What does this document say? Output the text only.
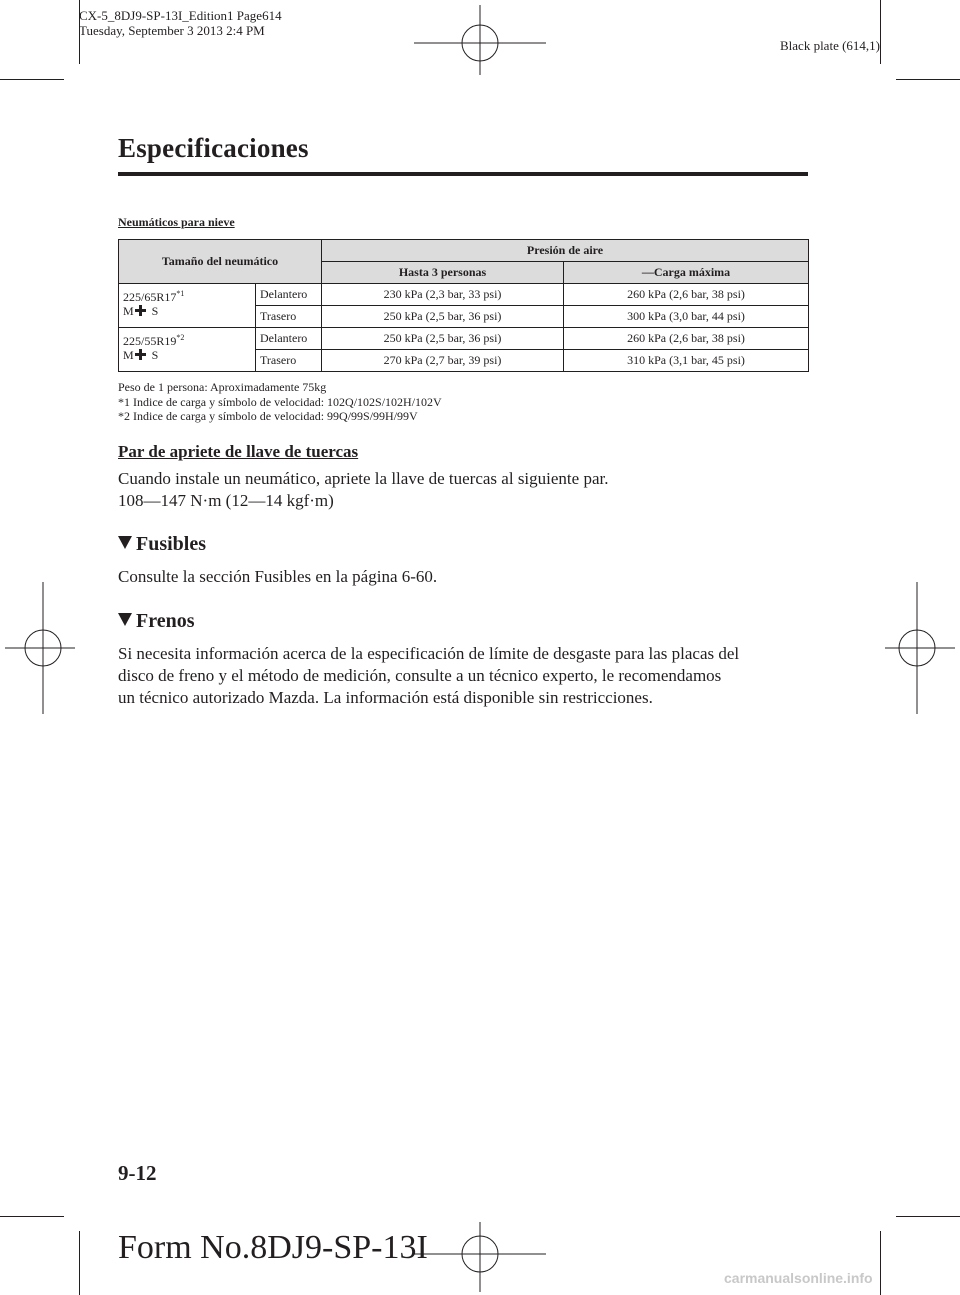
CX-5_8DJ9-SP-13I_Edition1 Page614
Tuesday, September 3 2013 2:4 PM
Black plate (614,1)
Especificaciones
Neumáticos para nieve
Tamaño del neumático		Presión de aire	
		Hasta 3 personas	―Carga máxima
225/65R17$^{*1}$
M S	Delantero	230 kPa (2,3 bar, 33 psi)	260 kPa (2,6 bar, 38 psi)
	Trasero	250 kPa (2,5 bar, 36 psi)	300 kPa (3,0 bar, 44 psi)
225/55R19$^{*2}$
M S	Delantero	250 kPa (2,5 bar, 36 psi)	260 kPa (2,6 bar, 38 psi)
	Trasero	270 kPa (2,7 bar, 39 psi)	310 kPa (3,1 bar, 45 psi)
Peso de 1 persona: Aproximadamente 75kg
*1 Indice de carga y símbolo de velocidad: 102Q/102S/102H/102V
*2 Indice de carga y símbolo de velocidad: 99Q/99S/99H/99V
Par de apriete de llave de tuercas
Cuando instale un neumático, apriete la llave de tuercas al siguiente par.
108―147 N·m (12―14 kgf·m)
Fusibles
Consulte la sección Fusibles en la página 6-60.
Frenos
Si necesita información acerca de la especificación de límite de desgaste para las placas del
disco de freno y el método de medición, consulte a un técnico experto, le recomendamos
un técnico autorizado Mazda. La información está disponible sin restricciones.
9-12
Form No.8DJ9-SP-13I
carmanualsonline.info
